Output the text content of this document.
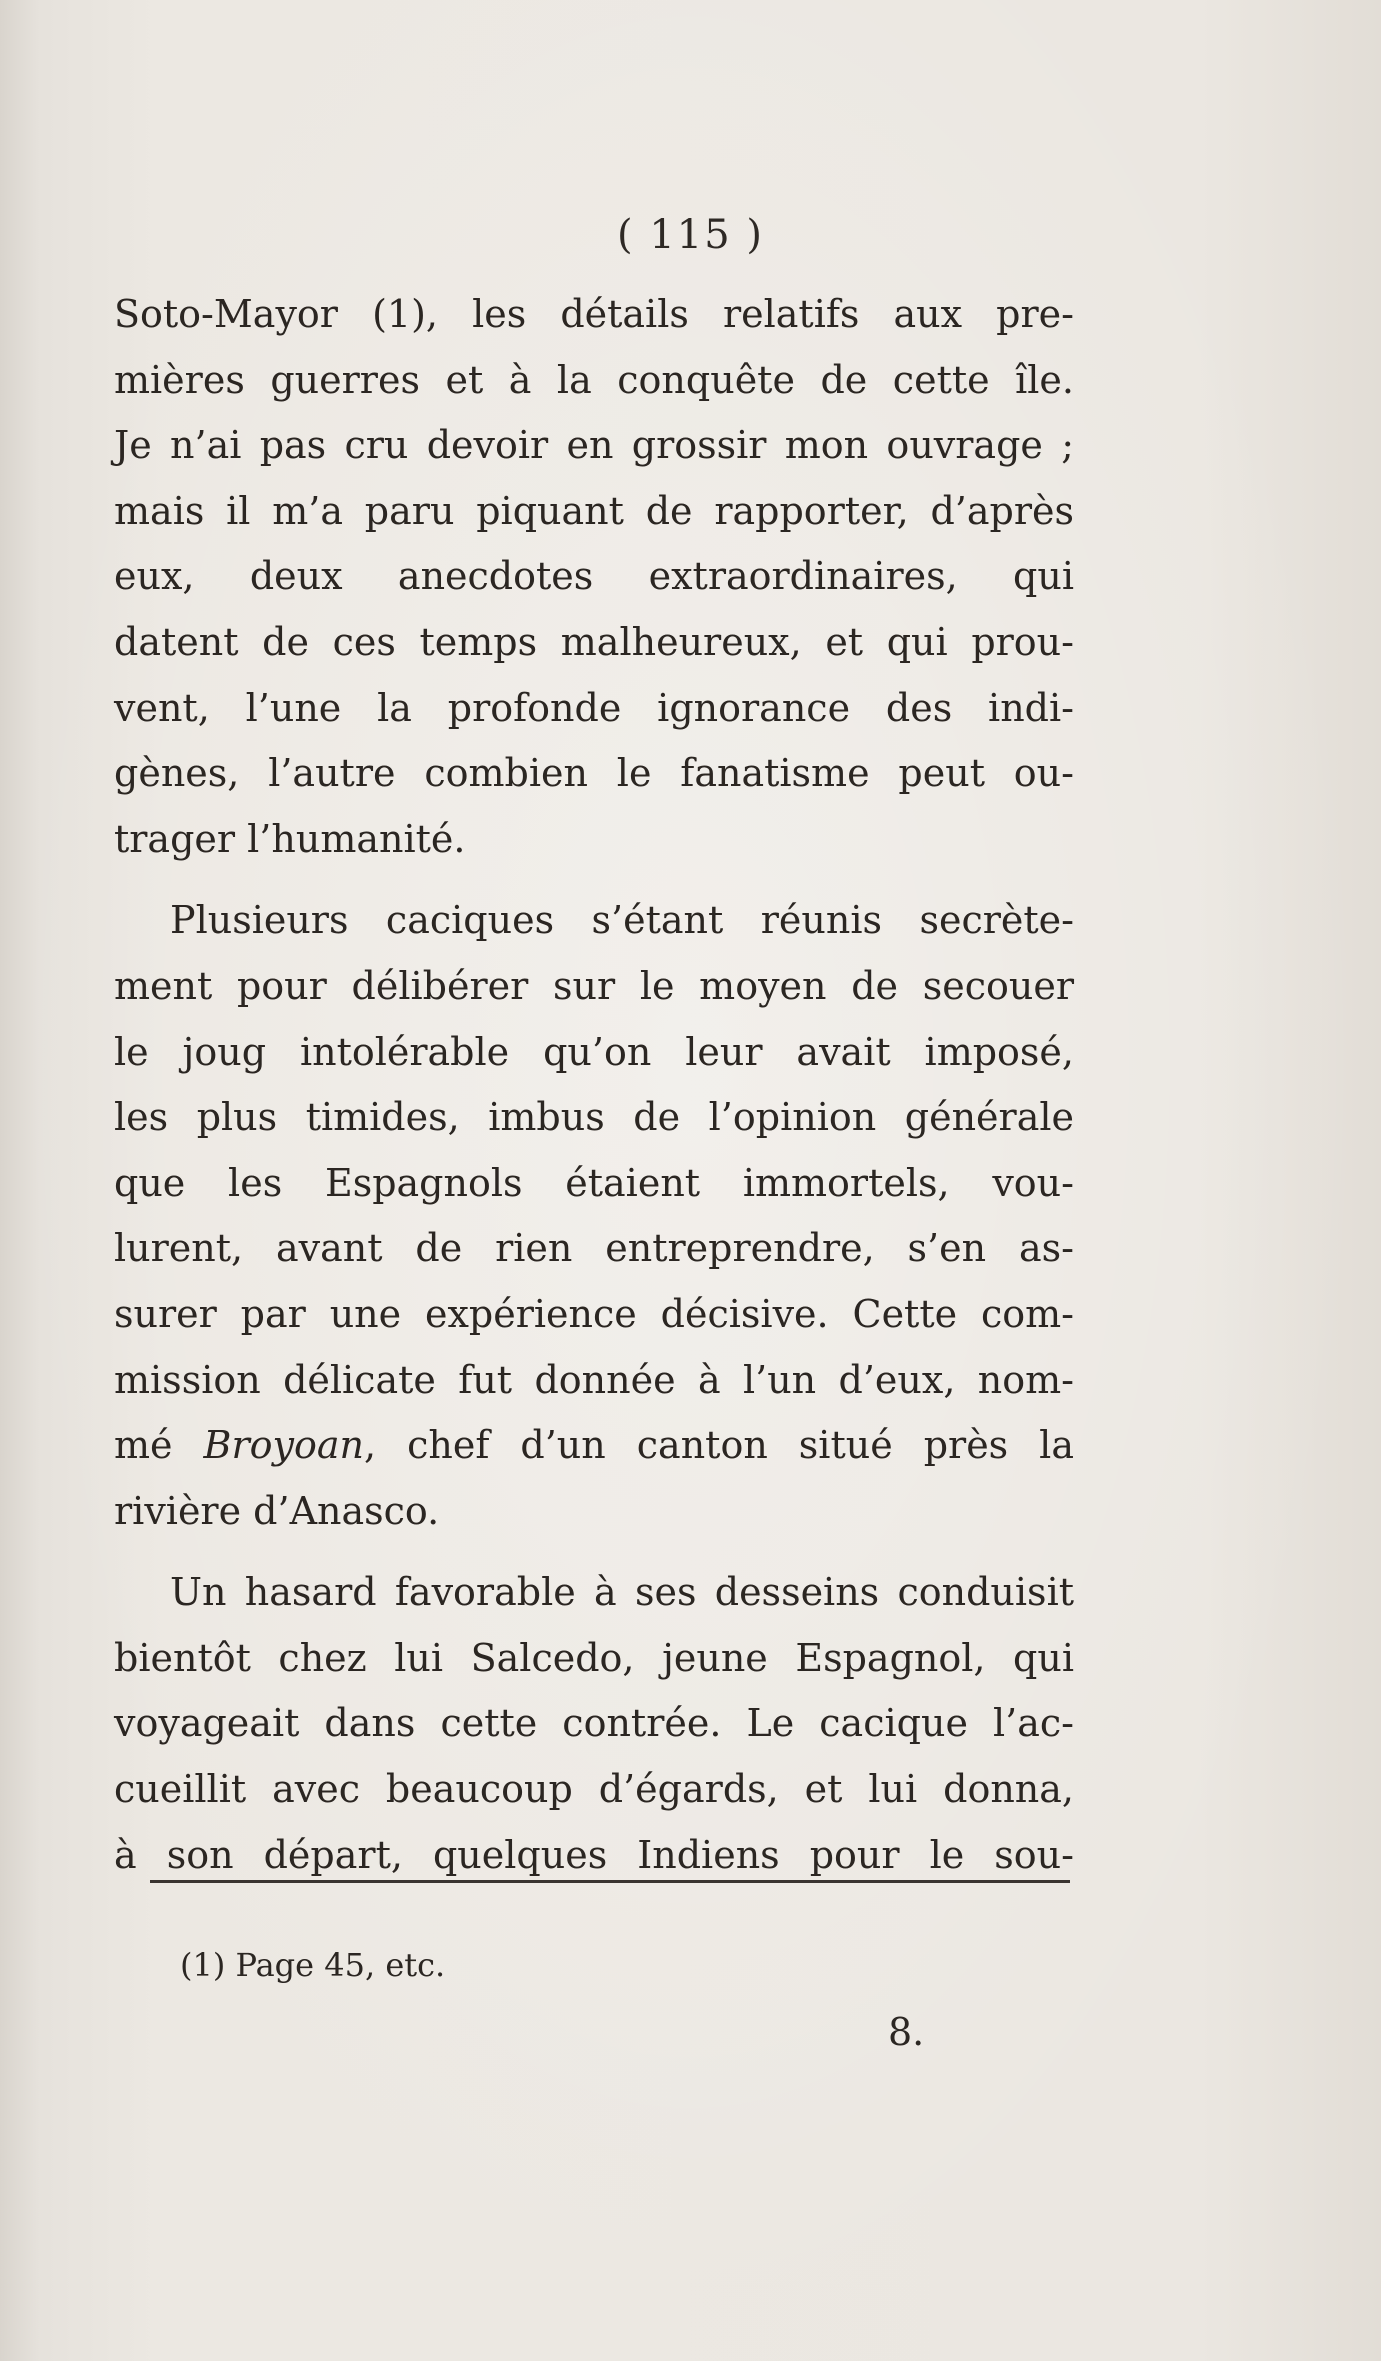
( 115 )
Soto-Mayor (1), les détails relatifs aux pre-
mières guerres et à la conquête de cette île.
Je n’ai pas cru devoir en grossir mon ouvrage ;
mais il m’a paru piquant de rapporter, d’après
eux, deux anecdotes extraordinaires, qui
datent de ces temps malheureux, et qui prou-
vent, l’une la profonde ignorance des indi-
gènes, l’autre combien le fanatisme peut ou-
trager l’humanité.
Plusieurs caciques s’étant réunis secrète-
ment pour délibérer sur le moyen de secouer
le joug intolérable qu’on leur avait imposé,
les plus timides, imbus de l’opinion générale
que les Espagnols étaient immortels, vou-
lurent, avant de rien entreprendre, s’en as-
surer par une expérience décisive. Cette com-
mission délicate fut donnée à l’un d’eux, nom-
mé Broyoan, chef d’un canton situé près la
rivière d’Anasco.
Un hasard favorable à ses desseins conduisit
bientôt chez lui Salcedo, jeune Espagnol, qui
voyageait dans cette contrée. Le cacique l’ac-
cueillit avec beaucoup d’égards, et lui donna,
à son départ, quelques Indiens pour le sou-
(1) Page 45, etc.
8.
